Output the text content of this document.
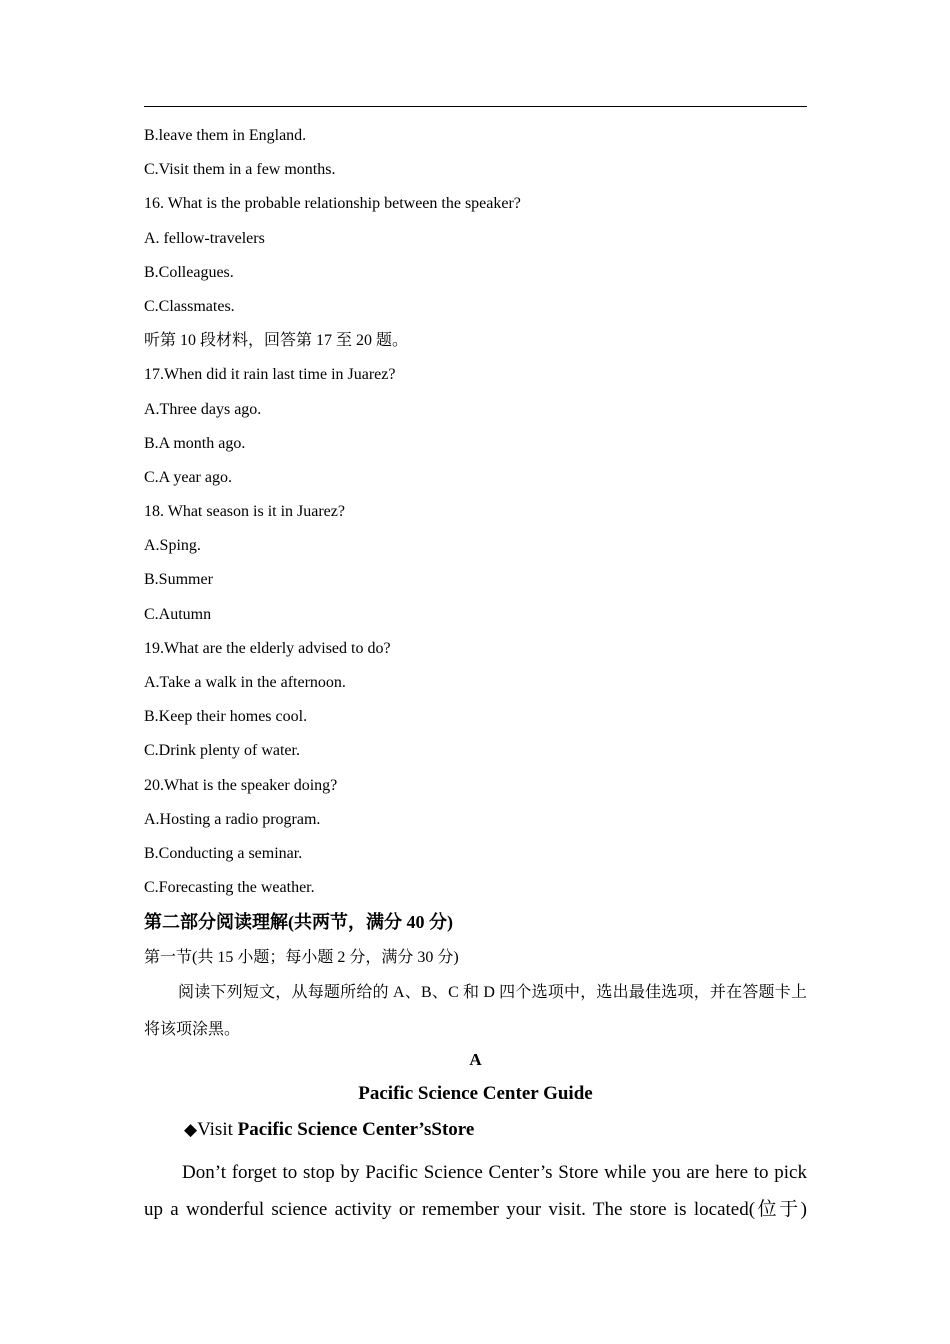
B.leave them in England.
C.Visit them in a few months.
16. What is the probable relationship between the speaker?
A. fellow-travelers
B.Colleagues.
C.Classmates.
听第 10 段材料，回答第 17 至 20 题。
17.When did it rain last time in Juarez?
A.Three days ago.
B.A month ago.
C.A year ago.
18. What season is it in Juarez?
A.Sping.
B.Summer
C.Autumn
19.What are the elderly advised to do?
A.Take a walk in the afternoon.
B.Keep their homes cool.
C.Drink plenty of water.
20.What is the speaker doing?
A.Hosting a radio program.
B.Conducting a seminar.
C.Forecasting the weather.
第二部分阅读理解(共两节，满分 40 分)
第一节(共 15 小题；每小题 2 分，满分 30 分)
阅读下列短文，从每题所给的 A、B、C 和 D 四个选项中，选出最佳选项，并在答题卡上将该项涂黑。
A
Pacific Science Center Guide
◆Visit Pacific Science Center’sStore
Don’t forget to stop by Pacific Science Center’s Store while you are here to pick up a wonderful science activity or remember your visit. The store is located(位于)
